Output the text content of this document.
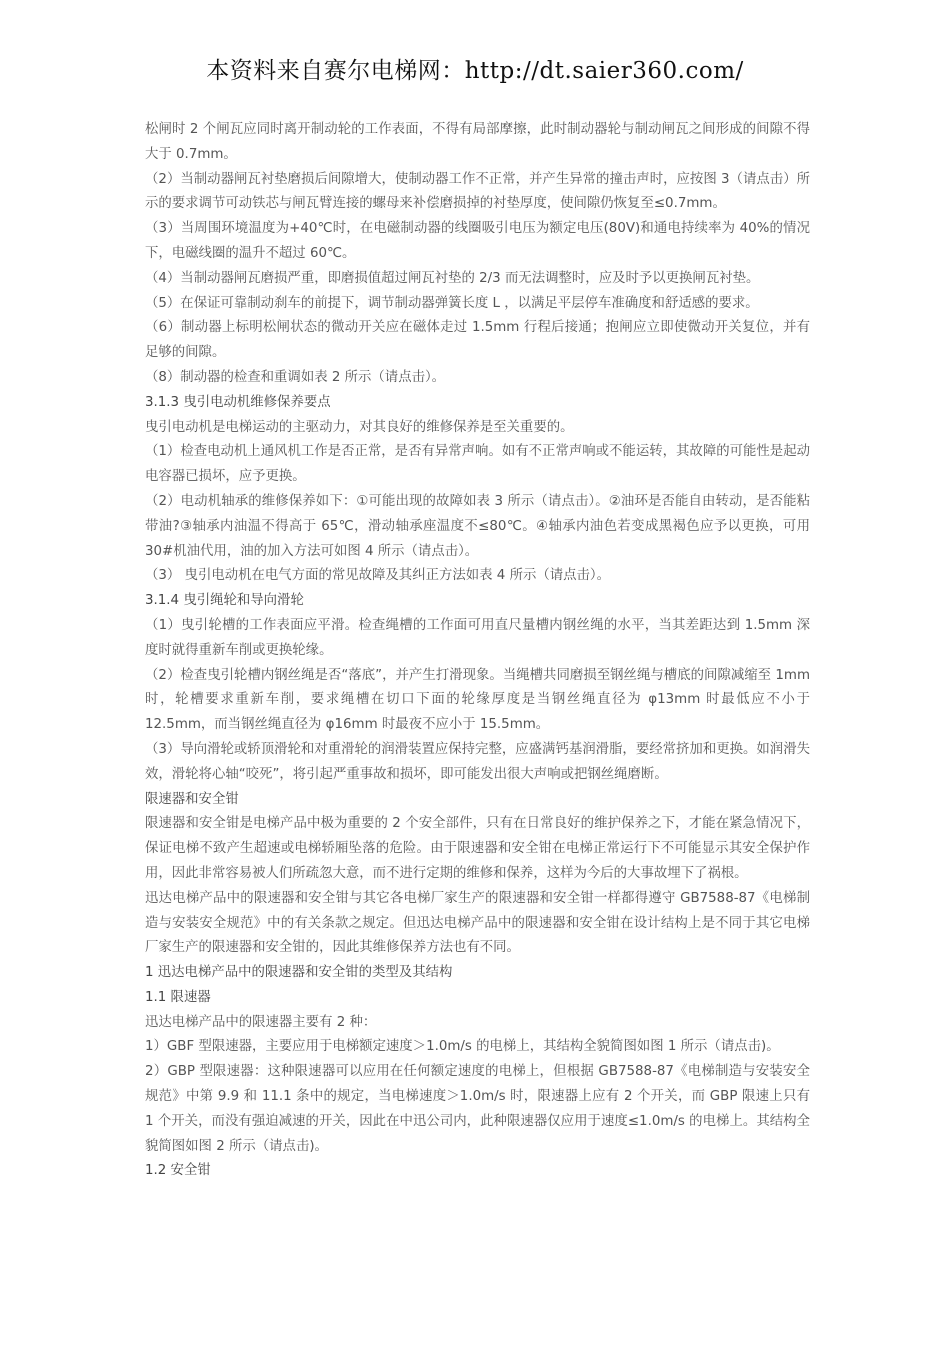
本资料来自赛尔电梯网：http://dt.saier360.com/

松闸时 2 个闸瓦应同时离开制动轮的工作表面，不得有局部摩擦，此时制动器轮与制动闸瓦之间形成的间隙不得大于 0.7mm。

（2）当制动器闸瓦衬垫磨损后间隙增大，使制动器工作不正常，并产生异常的撞击声时，应按图 3（请点击）所示的要求调节可动铁芯与闸瓦臂连接的螺母来补偿磨损掉的衬垫厚度，使间隙仍恢复至≤0.7mm。

（3）当周围环境温度为+40℃时，在电磁制动器的线圈吸引电压为额定电压(80V)和通电持续率为 40%的情况下，电磁线圈的温升不超过 60℃。

（4）当制动器闸瓦磨损严重，即磨损值超过闸瓦衬垫的 2/3 而无法调整时，应及时予以更换闸瓦衬垫。

（5）在保证可靠制动刹车的前提下，调节制动器弹簧长度 L ，以满足平层停车准确度和舒适感的要求。

（6）制动器上标明松闸状态的微动开关应在磁体走过 1.5mm 行程后接通；抱闸应立即使微动开关复位，并有足够的间隙。

（8）制动器的检查和重调如表 2 所示（请点击）。

3.1.3 曳引电动机维修保养要点

曳引电动机是电梯运动的主驱动力，对其良好的维修保养是至关重要的。

（1）检查电动机上通风机工作是否正常，是否有异常声响。如有不正常声响或不能运转，其故障的可能性是起动电容器已损坏，应予更换。

（2）电动机轴承的维修保养如下：①可能出现的故障如表 3 所示（请点击）。②油环是否能自由转动，是否能粘带油?③轴承内油温不得高于 65℃，滑动轴承座温度不≤80℃。④轴承内油色若变成黑褐色应予以更换，可用 30#机油代用，油的加入方法可如图 4 所示（请点击）。

（3） 曳引电动机在电气方面的常见故障及其纠正方法如表 4 所示（请点击）。

3.1.4 曳引绳轮和导向滑轮

（1）曳引轮槽的工作表面应平滑。检查绳槽的工作面可用直尺量槽内钢丝绳的水平，当其差距达到 1.5mm 深度时就得重新车削或更换轮缘。

（2）检查曳引轮槽内钢丝绳是否“落底”，并产生打滑现象。当绳槽共同磨损至钢丝绳与槽底的间隙减缩至 1mm 时，轮槽要求重新车削，要求绳槽在切口下面的轮缘厚度是当钢丝绳直径为 φ13mm 时最低应不小于 12.5mm，而当钢丝绳直径为 φ16mm 时最夜不应小于 15.5mm。

（3）导向滑轮或轿顶滑轮和对重滑轮的润滑装置应保持完整，应盛满钙基润滑脂，要经常挤加和更换。如润滑失效，滑轮将心轴“咬死”，将引起严重事故和损坏，即可能发出很大声响或把钢丝绳磨断。

限速器和安全钳

限速器和安全钳是电梯产品中极为重要的 2 个安全部件，只有在日常良好的维护保养之下，才能在紧急情况下，保证电梯不致产生超速或电梯轿厢坠落的危险。由于限速器和安全钳在电梯正常运行下不可能显示其安全保护作用，因此非常容易被人们所疏忽大意，而不进行定期的维修和保养，这样为今后的大事故埋下了祸根。

迅达电梯产品中的限速器和安全钳与其它各电梯厂家生产的限速器和安全钳一样都得遵守 GB7588-87《电梯制造与安装安全规范》中的有关条款之规定。但迅达电梯产品中的限速器和安全钳在设计结构上是不同于其它电梯厂家生产的限速器和安全钳的，因此其维修保养方法也有不同。

1 迅达电梯产品中的限速器和安全钳的类型及其结构

1.1 限速器

迅达电梯产品中的限速器主要有 2 种：

1）GBF 型限速器，主要应用于电梯额定速度＞1.0m/s 的电梯上，其结构全貌简图如图 1 所示（请点击)。

2）GBP 型限速器：这种限速器可以应用在任何额定速度的电梯上，但根据 GB7588-87《电梯制造与安装安全规范》中第 9.9 和 11.1 条中的规定，当电梯速度＞1.0m/s 时，限速器上应有 2 个开关，而 GBP 限速上只有 1 个开关，而没有强迫减速的开关，因此在中迅公司内，此种限速器仅应用于速度≤1.0m/s 的电梯上。其结构全貌简图如图 2 所示（请点击)。

1.2 安全钳
